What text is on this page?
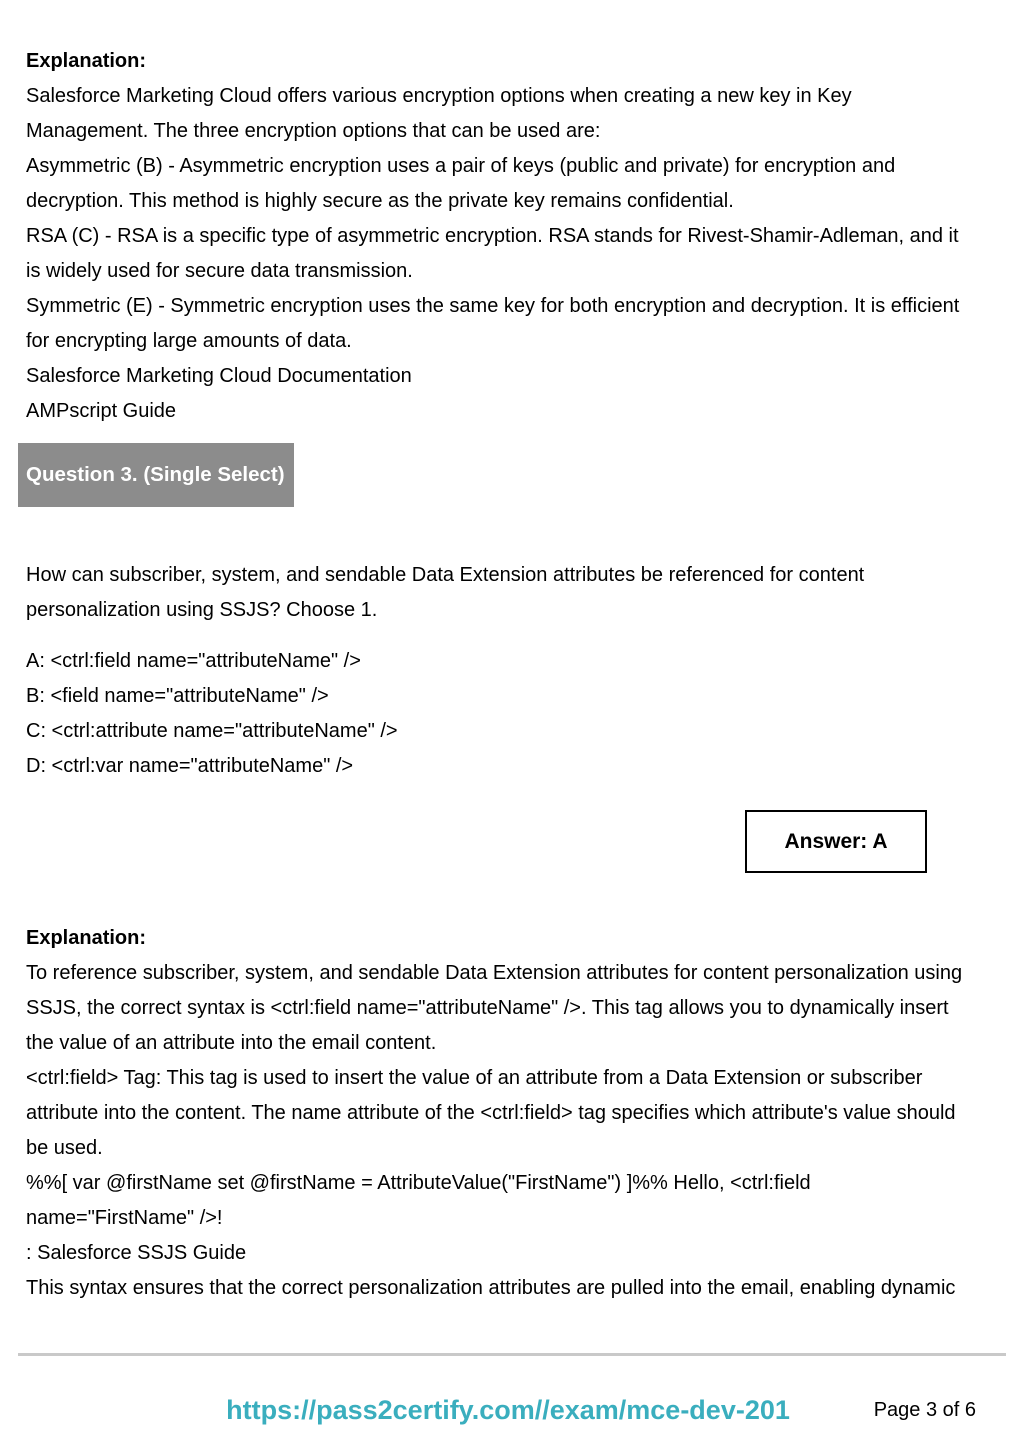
Explanation:
Salesforce Marketing Cloud offers various encryption options when creating a new key in Key
Management. The three encryption options that can be used are:
Asymmetric (B) - Asymmetric encryption uses a pair of keys (public and private) for encryption and
decryption. This method is highly secure as the private key remains confidential.
RSA (C) - RSA is a specific type of asymmetric encryption. RSA stands for Rivest-Shamir-Adleman, and it
is widely used for secure data transmission.
Symmetric (E) - Symmetric encryption uses the same key for both encryption and decryption. It is efficient
for encrypting large amounts of data.
Salesforce Marketing Cloud Documentation
AMPscript Guide
Question 3. (Single Select)
How can subscriber, system, and sendable Data Extension attributes be referenced for content
personalization using SSJS? Choose 1.
A: <ctrl:field name="attributeName" />
B: <field name="attributeName" />
C: <ctrl:attribute name="attributeName" />
D: <ctrl:var name="attributeName" />
Answer: A
Explanation:
To reference subscriber, system, and sendable Data Extension attributes for content personalization using
SSJS, the correct syntax is <ctrl:field name="attributeName" />. This tag allows you to dynamically insert
the value of an attribute into the email content.
<ctrl:field> Tag: This tag is used to insert the value of an attribute from a Data Extension or subscriber
attribute into the content. The name attribute of the <ctrl:field> tag specifies which attribute's value should
be used.
%%[ var @firstName set @firstName = AttributeValue("FirstName") ]%% Hello, <ctrl:field
name="FirstName" />!
: Salesforce SSJS Guide
This syntax ensures that the correct personalization attributes are pulled into the email, enabling dynamic
https://pass2certify.com//exam/mce-dev-201	Page 3 of 6
